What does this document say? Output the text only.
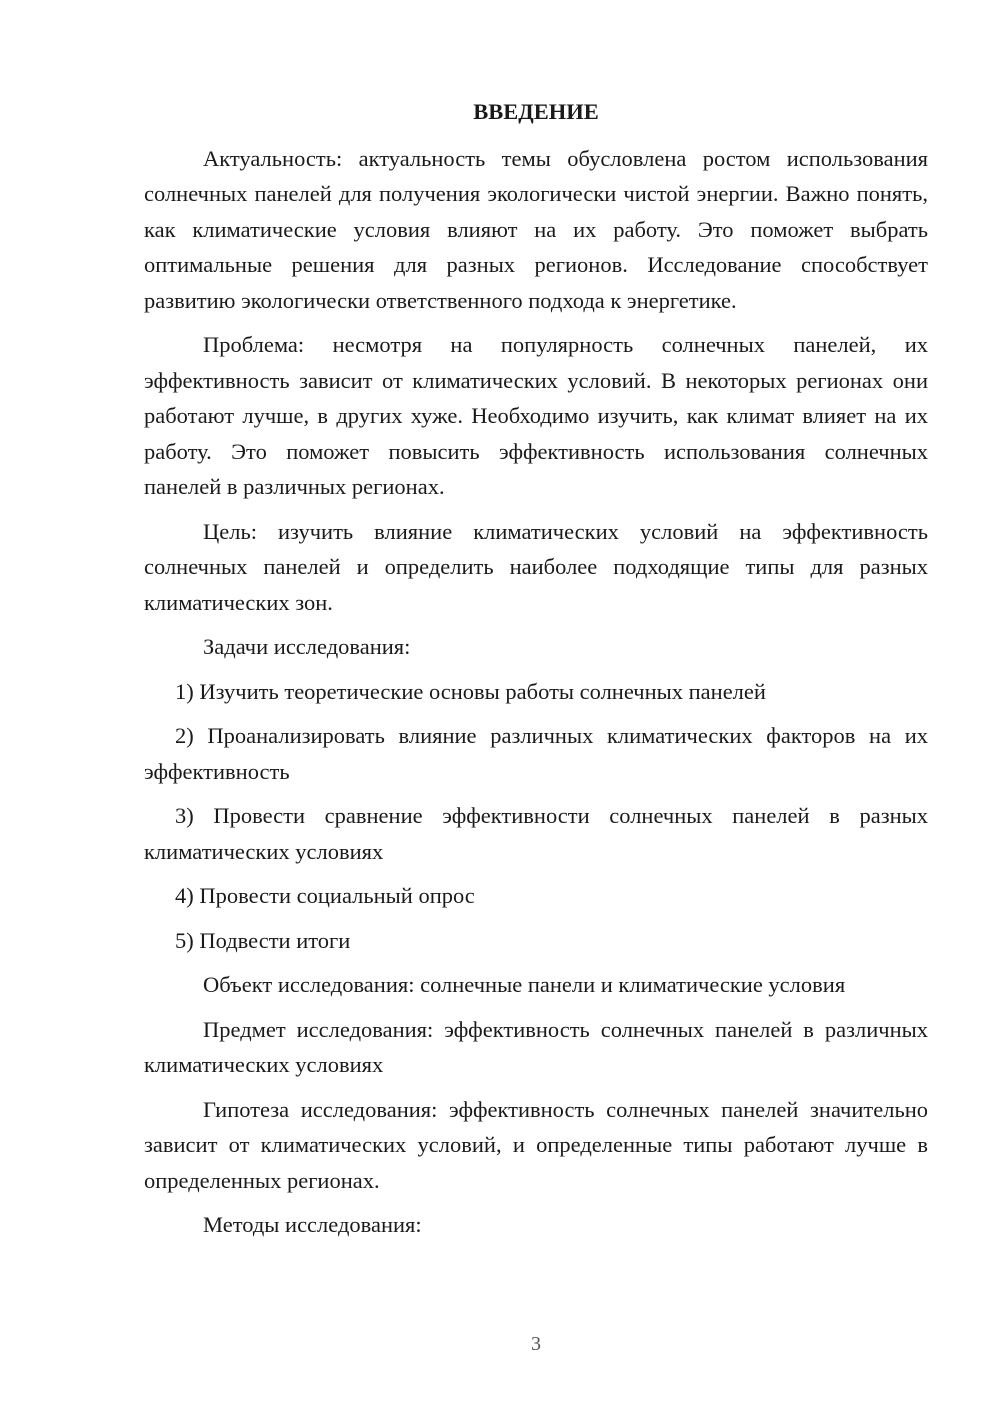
ВВЕДЕНИЕ

Актуальность: актуальность темы обусловлена ростом использования солнечных панелей для получения экологически чистой энергии. Важно понять, как климатические условия влияют на их работу. Это поможет выбрать оптимальные решения для разных регионов. Исследование способствует развитию экологически ответственного подхода к энергетике.

Проблема: несмотря на популярность солнечных панелей, их эффективность зависит от климатических условий. В некоторых регионах они работают лучше, в других хуже. Необходимо изучить, как климат влияет на их работу. Это поможет повысить эффективность использования солнечных панелей в различных регионах.

Цель: изучить влияние климатических условий на эффективность солнечных панелей и определить наиболее подходящие типы для разных климатических зон.

Задачи исследования:

1) Изучить теоретические основы работы солнечных панелей

2) Проанализировать влияние различных климатических факторов на их эффективность

3) Провести сравнение эффективности солнечных панелей в разных климатических условиях

4) Провести социальный опрос

5) Подвести итоги

Объект исследования: солнечные панели и климатические условия

Предмет исследования: эффективность солнечных панелей в различных климатических условиях

Гипотеза исследования: эффективность солнечных панелей значительно зависит от климатических условий, и определенные типы работают лучше в определенных регионах.

Методы исследования:

3
